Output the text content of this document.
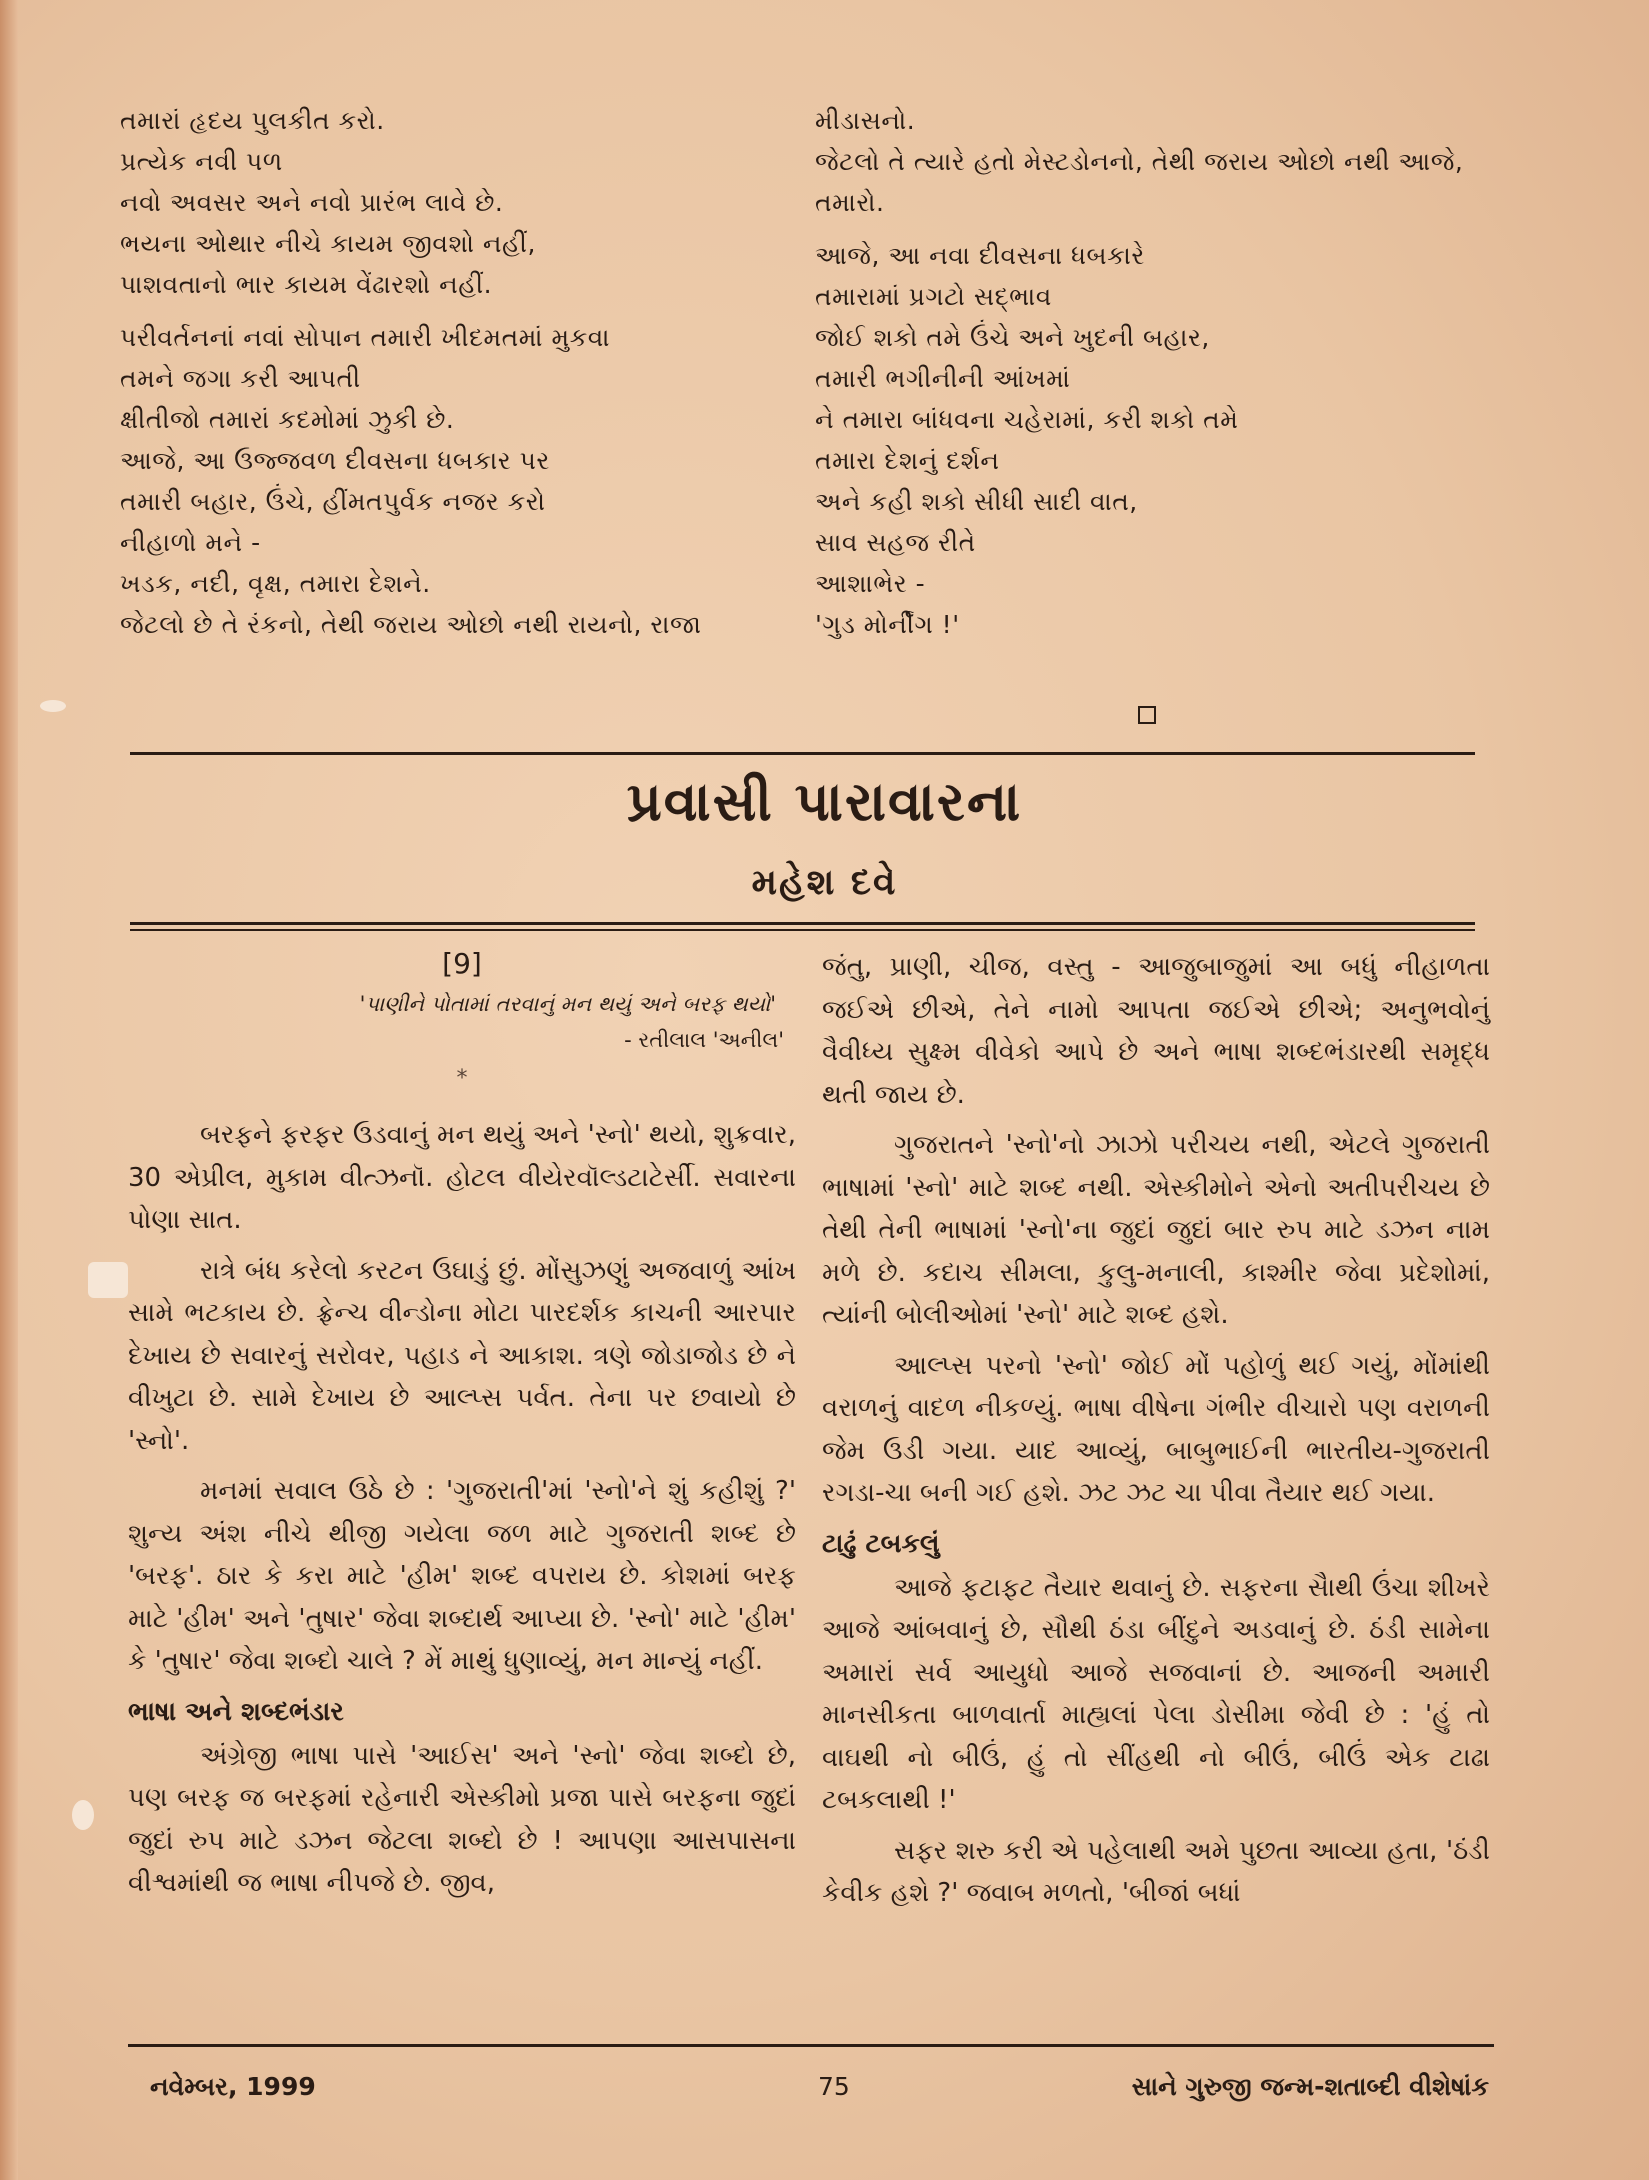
તમારાં હૃદય પુલકીત કરો.
પ્રત્યેક નવી પળ
નવો અવસર અને નવો પ્રારંભ લાવે છે.
ભયના ઓથાર નીચે કાયમ જીવશો નહીં,
પાશવતાનો ભાર કાયમ વેંઢારશો નહીં.
પરીવર્તનનાં નવાં સોપાન તમારી ખીદમતમાં મુકવા
તમને જગા કરી આપતી
ક્ષીતીજો તમારાં કદમોમાં ઝુકી છે.
આજે, આ ઉજ્જવળ દીવસના ધબકાર પર
તમારી બહાર, ઉંચે, હીંમતપુર્વક નજર કરો
નીહાળો મને -
ખડક, નદી, વૃક્ષ, તમારા દેશને.
જેટલો છે તે રંકનો, તેથી જરાય ઓછો નથી રાયનો, રાજા
મીડાસનો.
જેટલો તે ત્યારે હતો મેસ્ટડોનનો, તેથી જરાય ઓછો નથી આજે,
તમારો.
આજે, આ નવા દીવસના ધબકારે
તમારામાં પ્રગટો સદ્‌ભાવ
જોઈ શકો તમે ઉંચે અને ખુદની બહાર,
તમારી ભગીનીની આંખમાં
ને તમારા બાંધવના ચહેરામાં, કરી શકો તમે
તમારા દેશનું દર્શન
અને કહી શકો સીધી સાદી વાત,
સાવ સહજ રીતે
આશાભેર -
'ગુડ મોર્નીંગ !'
પ્રવાસી પારાવારના
મહેશ દવે
[9]
'પાણીને પોતામાં તરવાનું મન થયું અને બરફ થયો'
- રતીલાલ 'અનીલ'
*
બરફને ફરફર ઉડવાનું મન થયું અને 'સ્નો' થયો, શુક્રવાર, 30 એપ્રીલ, મુકામ વીત્ઝનૉ. હોટલ વીયેરવૉલ્ડટાટેર્સી. સવારના પોણા સાત.
રાત્રે બંધ કરેલો કરટન ઉઘાડું છું. મોંસુઝણું અજવાળું આંખ સામે ભટકાય છે. ફ્રેન્ચ વીન્ડોના મોટા પારદર્શક કાચની આરપાર દેખાય છે સવારનું સરોવર, પહાડ ને આકાશ. ત્રણે જોડાજોડ છે ને વીખુટા છે. સામે દેખાય છે આલ્પ્સ પર્વત. તેના પર છવાયો છે 'સ્નો'.
મનમાં સવાલ ઉઠે છે : 'ગુજરાતી'માં 'સ્નો'ને શું કહીશું ?' શુન્ય અંશ નીચે થીજી ગયેલા જળ માટે ગુજરાતી શબ્દ છે 'બરફ'. ઠાર કે કરા માટે 'હીમ' શબ્દ વપરાય છે. કોશમાં બરફ માટે 'હીમ' અને 'તુષાર' જેવા શબ્દાર્થ આપ્યા છે. 'સ્નો' માટે 'હીમ' કે 'તુષાર' જેવા શબ્દો ચાલે ? મેં માથું ધુણાવ્યું, મન માન્યું નહીં.
ભાષા અને શબ્દભંડાર
અંગ્રેજી ભાષા પાસે 'આઈસ' અને 'સ્નો' જેવા શબ્દો છે, પણ બરફ જ બરફમાં રહેનારી એસ્કીમો પ્રજા પાસે બરફના જુદાં જુદાં રુપ માટે ડઝન જેટલા શબ્દો છે ! આપણા આસપાસના વીશ્વમાંથી જ ભાષા નીપજે છે. જીવ,
જંતુ, પ્રાણી, ચીજ, વસ્તુ - આજુબાજુમાં આ બધું નીહાળતા જઈએ છીએ, તેને નામો આપતા જઈએ છીએ; અનુભવોનું વૈવીધ્ય સુક્ષ્મ વીવેકો આપે છે અને ભાષા શબ્દભંડારથી સમૃદ્ધ થતી જાય છે.
ગુજરાતને 'સ્નો'નો ઝાઝો પરીચય નથી, એટલે ગુજરાતી ભાષામાં 'સ્નો' માટે શબ્દ નથી. એસ્કીમોને એનો અતીપરીચય છે તેથી તેની ભાષામાં 'સ્નો'ના જુદાં જુદાં બાર રુપ માટે ડઝન નામ મળે છે. કદાચ સીમલા, કુલુ-મનાલી, કાશ્મીર જેવા પ્રદેશોમાં, ત્યાંની બોલીઓમાં 'સ્નો' માટે શબ્દ હશે.
આલ્પ્સ પરનો 'સ્નો' જોઈ મોં પહોળું થઈ ગયું, મોંમાંથી વરાળનું વાદળ નીકળ્યું. ભાષા વીષેના ગંભીર વીચારો પણ વરાળની જેમ ઉડી ગયા. યાદ આવ્યું, બાબુભાઈની ભારતીય-ગુજરાતી રગડા-ચા બની ગઈ હશે. ઝટ ઝટ ચા પીવા તૈયાર થઈ ગયા.
ટાઢું ટબકલું
આજે ફટાફટ તૈયાર થવાનું છે. સફરના સાૈથી ઉંચા શીખરે આજે આંબવાનું છે, સૌથી ઠંડા બીંદુને અડવાનું છે. ઠંડી સામેના અમારાં સર્વ આયુધો આજે સજવાનાં છે. આજની અમારી માનસીકતા બાળવાર્તા માહ્યલાં પેલા ડોસીમા જેવી છે : 'હું તો વાઘથી નો બીઉં, હું તો સીંહથી નો બીઉં, બીઉં એક ટાઢા ટબકલાથી !'
સફર શરુ કરી એ પહેલાથી અમે પુછતા આવ્યા હતા, 'ઠંડી કેવીક હશે ?' જવાબ મળતો, 'બીજાં બધાં
નવેમ્બર, 1999	75	સાને ગુરુજી જન્મ-શતાબ્દી વીશેષાંક
